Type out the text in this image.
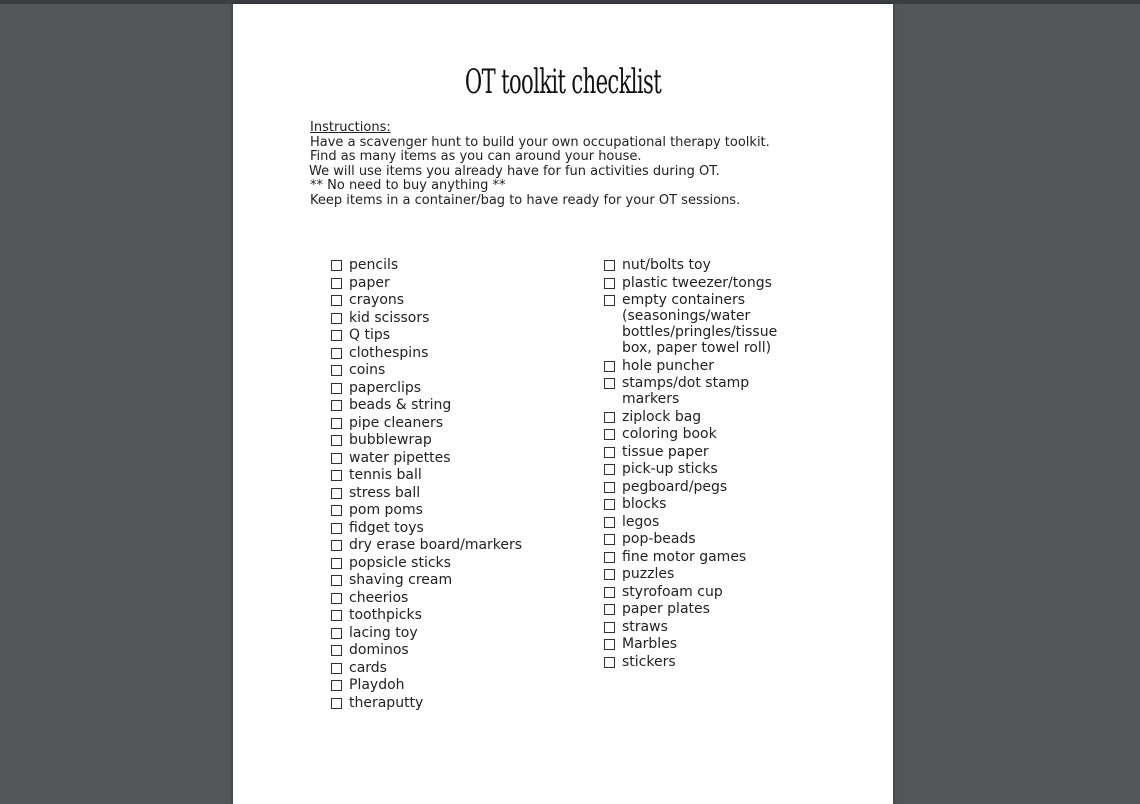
OT toolkit checklist
Instructions:
Have a scavenger hunt to build your own occupational therapy toolkit.
Find as many items as you can around your house.
We will use items you already have for fun activities during OT.
** No need to buy anything **
Keep items in a container/bag to have ready for your OT sessions.
pencils
paper
crayons
kid scissors
Q tips
clothespins
coins
paperclips
beads & string
pipe cleaners
bubblewrap
water pipettes
tennis ball
stress ball
pom poms
fidget toys
dry erase board/markers
popsicle sticks
shaving cream
cheerios
toothpicks
lacing toy
dominos
cards
Playdoh
theraputty
nut/bolts toy
plastic tweezer/tongs
empty containers
(seasonings/water
bottles/pringles/tissue
box, paper towel roll)
hole puncher
stamps/dot stamp
markers
ziplock bag
coloring book
tissue paper
pick-up sticks
pegboard/pegs
blocks
legos
pop-beads
fine motor games
puzzles
styrofoam cup
paper plates
straws
Marbles
stickers
